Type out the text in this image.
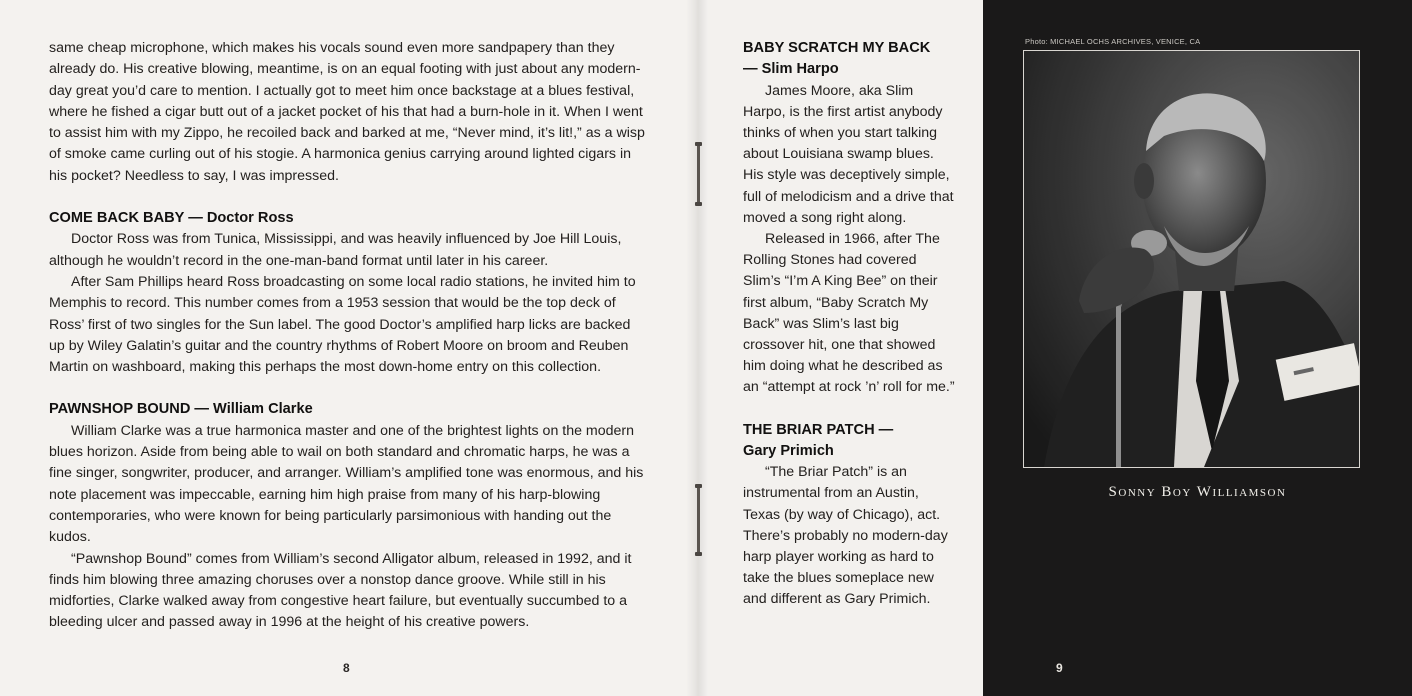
same cheap microphone, which makes his vocals sound even more sandpapery than they already do. His creative blowing, meantime, is on an equal footing with just about any modern-day great you’d care to mention. I actually got to meet him once backstage at a blues festival, where he fished a cigar butt out of a jacket pocket of his that had a burn-hole in it. When I went to assist him with my Zippo, he recoiled back and barked at me, “Never mind, it’s lit!,” as a wisp of smoke came curling out of his stogie. A harmonica genius carrying around lighted cigars in his pocket? Needless to say, I was impressed.

COME BACK BABY — Doctor Ross

Doctor Ross was from Tunica, Mississippi, and was heavily influenced by Joe Hill Louis, although he wouldn’t record in the one-man-band format until later in his career.

After Sam Phillips heard Ross broadcasting on some local radio stations, he invited him to Memphis to record. This number comes from a 1953 session that would be the top deck of Ross’ first of two singles for the Sun label. The good Doctor’s amplified harp licks are backed up by Wiley Galatin’s guitar and the country rhythms of Robert Moore on broom and Reuben Martin on washboard, making this perhaps the most down-home entry on this collection.

PAWNSHOP BOUND — William Clarke

William Clarke was a true harmonica master and one of the brightest lights on the modern blues horizon. Aside from being able to wail on both standard and chromatic harps, he was a fine singer, songwriter, producer, and arranger. William’s amplified tone was enormous, and his note placement was impeccable, earning him high praise from many of his harp-blowing contemporaries, who were known for being particularly parsimonious with handing out the kudos.

“Pawnshop Bound” comes from William’s second Alligator album, released in 1992, and it finds him blowing three amazing choruses over a nonstop dance groove. While still in his midforties, Clarke walked away from congestive heart failure, but eventually succumbed to a bleeding ulcer and passed away in 1996 at the height of his creative powers.

8
BABY SCRATCH MY BACK
— Slim Harpo

James Moore, aka Slim Harpo, is the first artist anybody thinks of when you start talking about Louisiana swamp blues. His style was deceptively simple, full of melodicism and a drive that moved a song right along.

Released in 1966, after The Rolling Stones had covered Slim’s “I’m A King Bee” on their first album, “Baby Scratch My Back” was Slim’s last big crossover hit, one that showed him doing what he described as an “attempt at rock ’n’ roll for me.”

THE BRIAR PATCH —
Gary Primich

“The Briar Patch” is an instrumental from an Austin, Texas (by way of Chicago), act. There’s probably no modern-day harp player working as hard to take the blues someplace new and different as Gary Primich.

Photo: MICHAEL OCHS ARCHIVES, VENICE, CA
Sonny Boy Williamson
9
